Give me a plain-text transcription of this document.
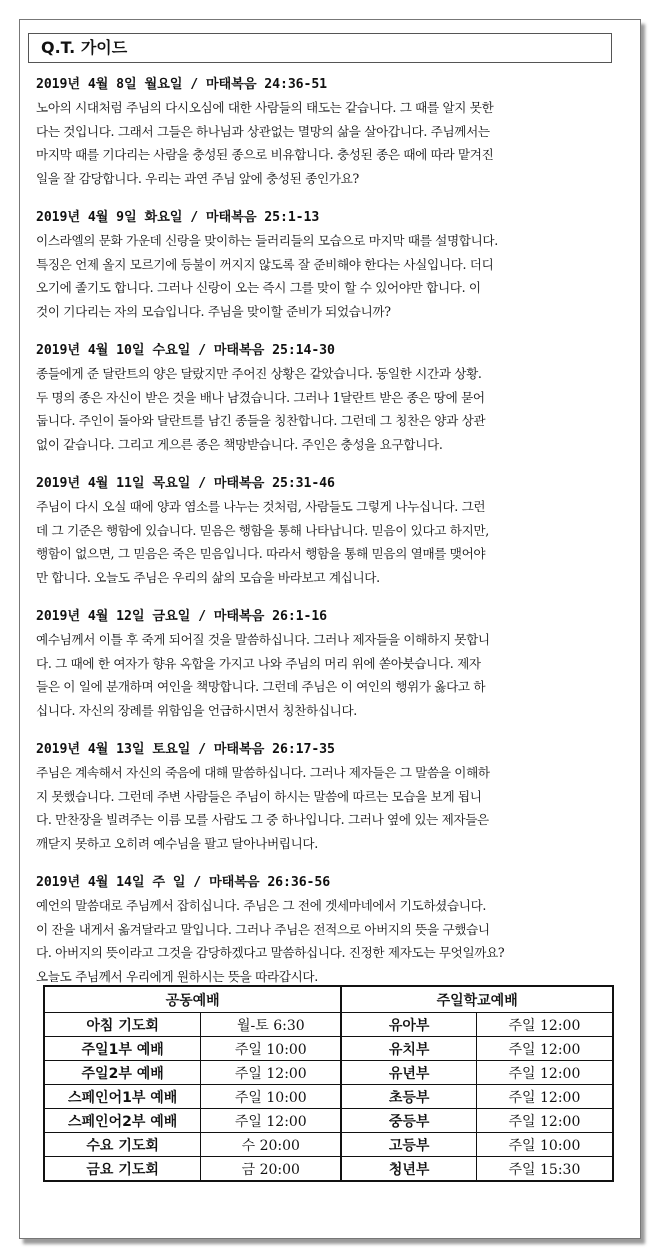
Q.T. 가이드
2019년 4월 8일 월요일 / 마태복음 24:36-51
노아의 시대처럼 주님의 다시오심에 대한 사람들의 태도는 같습니다. 그 때를 알지 못한
다는 것입니다. 그래서 그들은 하나님과 상관없는 멸망의 삶을 살아갑니다. 주님께서는
마지막 때를 기다리는 사람을 충성된 종으로 비유합니다. 충성된 종은 때에 따라 맡겨진
일을 잘 감당합니다. 우리는 과연 주님 앞에 충성된 종인가요?
2019년 4월 9일 화요일 / 마태복음 25:1-13
이스라엘의 문화 가운데 신랑을 맞이하는 들러리들의 모습으로 마지막 때를 설명합니다.
특징은 언제 올지 모르기에 등불이 꺼지지 않도록 잘 준비해야 한다는 사실입니다. 더디
오기에 졸기도 합니다. 그러나 신랑이 오는 즉시 그를 맞이 할 수 있어야만 합니다. 이
것이 기다리는 자의 모습입니다. 주님을 맞이할 준비가 되었습니까?
2019년 4월 10일 수요일 / 마태복음 25:14-30
종들에게 준 달란트의 양은 달랐지만 주어진 상황은 같았습니다. 동일한 시간과 상황.
두 명의 종은 자신이 받은 것을 배나 남겼습니다. 그러나 1달란트 받은 종은 땅에 묻어
둡니다. 주인이 돌아와 달란트를 남긴 종들을 칭찬합니다. 그런데 그 칭찬은 양과 상관
없이 같습니다. 그리고 게으른 종은 책망받습니다. 주인은 충성을 요구합니다.
2019년 4월 11일 목요일 / 마태복음 25:31-46
주님이 다시 오실 때에 양과 염소를 나누는 것처럼, 사람들도 그렇게 나누십니다. 그런
데 그 기준은 행함에 있습니다. 믿음은 행함을 통해 나타납니다. 믿음이 있다고 하지만,
행함이 없으면, 그 믿음은 죽은 믿음입니다. 따라서 행함을 통해 믿음의 열매를 맺어야
만 합니다. 오늘도 주님은 우리의 삶의 모습을 바라보고 계십니다.
2019년 4월 12일 금요일 / 마태복음 26:1-16
예수님께서 이틀 후 죽게 되어질 것을 말씀하십니다. 그러나 제자들을 이해하지 못합니
다. 그 때에 한 여자가 향유 옥합을 가지고 나와 주님의 머리 위에 쏟아붓습니다. 제자
들은 이 일에 분개하며 여인을 책망합니다. 그런데 주님은 이 여인의 행위가 옳다고 하
십니다. 자신의 장례를 위함임을 언급하시면서 칭찬하십니다.
2019년 4월 13일 토요일 / 마태복음 26:17-35
주님은 계속해서 자신의 죽음에 대해 말씀하십니다. 그러나 제자들은 그 말씀을 이해하
지 못했습니다. 그런데 주변 사람들은 주님이 하시는 말씀에 따르는 모습을 보게 됩니
다. 만찬장을 빌려주는 이름 모를 사람도 그 중 하나입니다. 그러나 옆에 있는 제자들은
깨닫지 못하고 오히려 예수님을 팔고 달아나버립니다.
2019년 4월 14일 주 일 / 마태복음 26:36-56
예언의 말씀대로 주님께서 잡히십니다. 주님은 그 전에 겟세마네에서 기도하셨습니다.
이 잔을 내게서 옮겨달라고 말입니다. 그러나 주님은 전적으로 아버지의 뜻을 구했습니
다. 아버지의 뜻이라고 그것을 감당하겠다고 말씀하십니다. 진정한 제자도는 무엇일까요?
오늘도 주님께서 우리에게 원하시는 뜻을 따라갑시다.
공동예배		주일학교예배	
아침 기도회	월-토 6:30	유아부	주일 12:00
주일1부 예배	주일 10:00	유치부	주일 12:00
주일2부 예배	주일 12:00	유년부	주일 12:00
스페인어1부 예배	주일 10:00	초등부	주일 12:00
스페인어2부 예배	주일 12:00	중등부	주일 12:00
수요 기도회	수 20:00	고등부	주일 10:00
금요 기도회	금 20:00	청년부	주일 15:30
